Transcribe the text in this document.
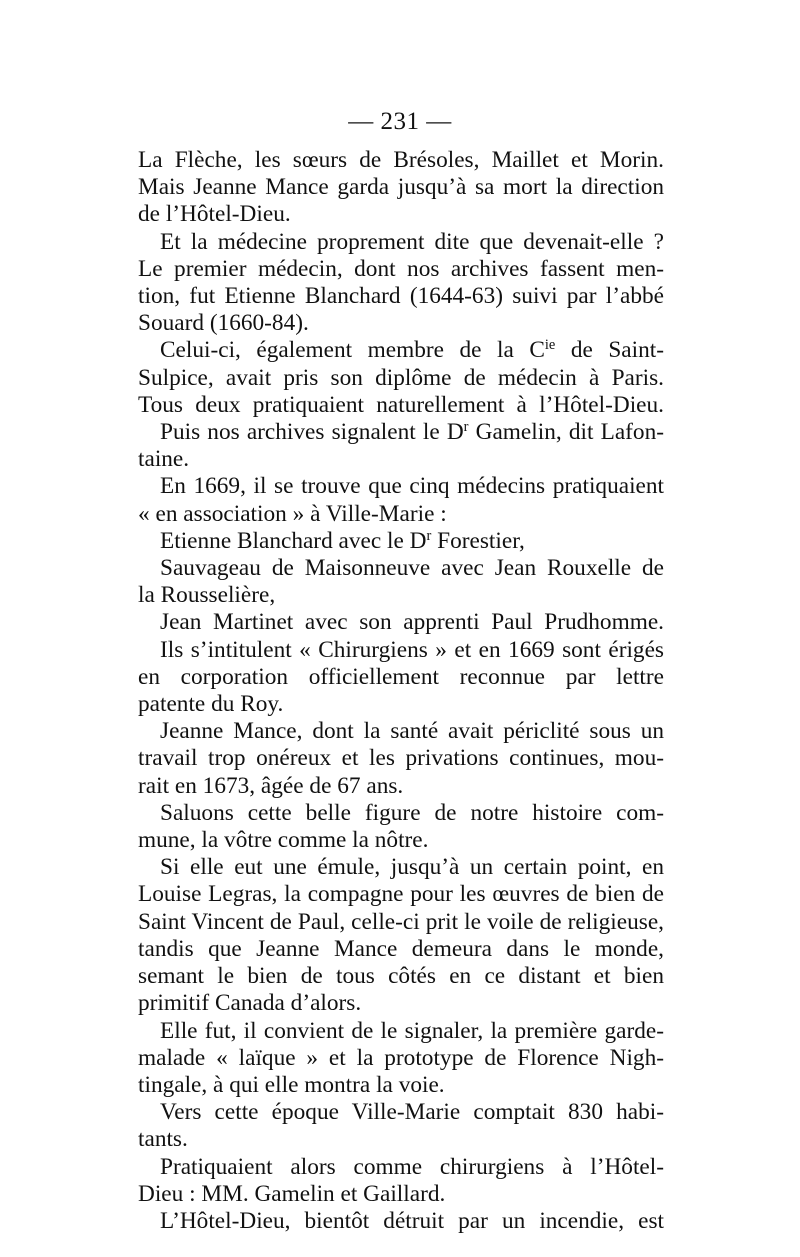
— 231 —
La Flèche, les sœurs de Brésoles, Maillet et Morin.
Mais Jeanne Mance garda jusqu’à sa mort la direction
de l’Hôtel-Dieu.
Et la médecine proprement dite que devenait-elle ?
Le premier médecin, dont nos archives fassent men-
tion, fut Etienne Blanchard (1644-63) suivi par l’abbé
Souard (1660-84).
Celui-ci, également membre de la $C^{ie}$ de Saint-
Sulpice, avait pris son diplôme de médecin à Paris.
Tous deux pratiquaient naturellement à l’Hôtel-Dieu.
Puis nos archives signalent le $D^r$ Gamelin, dit Lafon-
taine.
En 1669, il se trouve que cinq médecins pratiquaient
« en association » à Ville-Marie :
Etienne Blanchard avec le $D^r$ Forestier,
Sauvageau de Maisonneuve avec Jean Rouxelle de
la Rousselière,
Jean Martinet avec son apprenti Paul Prudhomme.
Ils s’intitulent « Chirurgiens » et en 1669 sont érigés
en corporation officiellement reconnue par lettre
patente du Roy.
Jeanne Mance, dont la santé avait périclité sous un
travail trop onéreux et les privations continues, mou-
rait en 1673, âgée de 67 ans.
Saluons cette belle figure de notre histoire com-
mune, la vôtre comme la nôtre.
Si elle eut une émule, jusqu’à un certain point, en
Louise Legras, la compagne pour les œuvres de bien de
Saint Vincent de Paul, celle-ci prit le voile de religieuse,
tandis que Jeanne Mance demeura dans le monde,
semant le bien de tous côtés en ce distant et bien
primitif Canada d’alors.
Elle fut, il convient de le signaler, la première garde-
malade « laïque » et la prototype de Florence Nigh-
tingale, à qui elle montra la voie.
Vers cette époque Ville-Marie comptait 830 habi-
tants.
Pratiquaient alors comme chirurgiens à l’Hôtel-
Dieu : MM. Gamelin et Gaillard.
L’Hôtel-Dieu, bientôt détruit par un incendie, est
